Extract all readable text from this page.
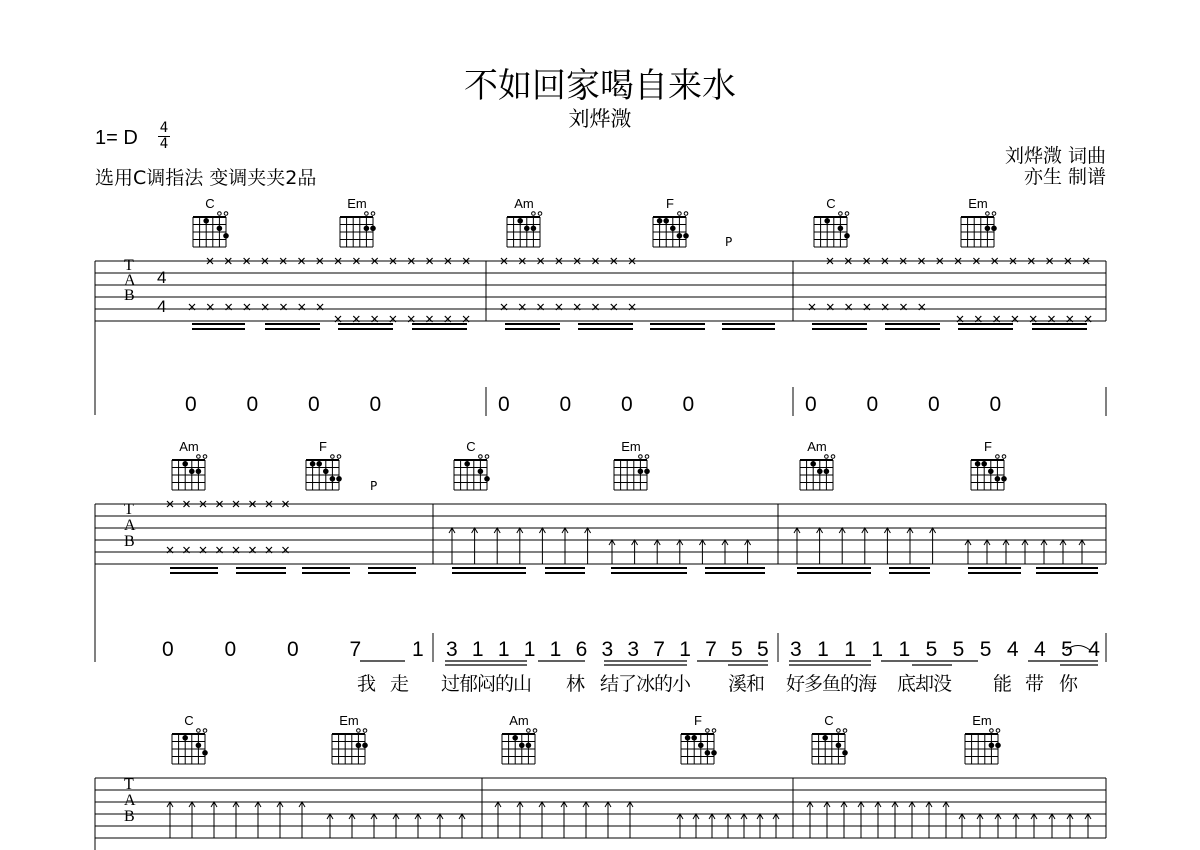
不如回家喝自来水
刘烨溦
1= D 4
4
选用C调指法 变调夹夹2品
刘烨溦 词曲
亦生 制谱
4
4
T
A
B
P
C	Em	Am	F	C	Em
0 0 0 0	0 0 0 0	0 0 0 0
T
A
B
P
Am	F	C	Em	Am	F
0 0 0 7 1 3 1 1 1 1 6 3 3 7 1 7 5 5 3 1 1 1 1 5 5 5 4 4 5 4
我 走 过郁闷的山 林 结了冰的小 溪和 好多鱼的海 底却没 能 带 你
T
A
B
C	Em	Am	F	C	Em
